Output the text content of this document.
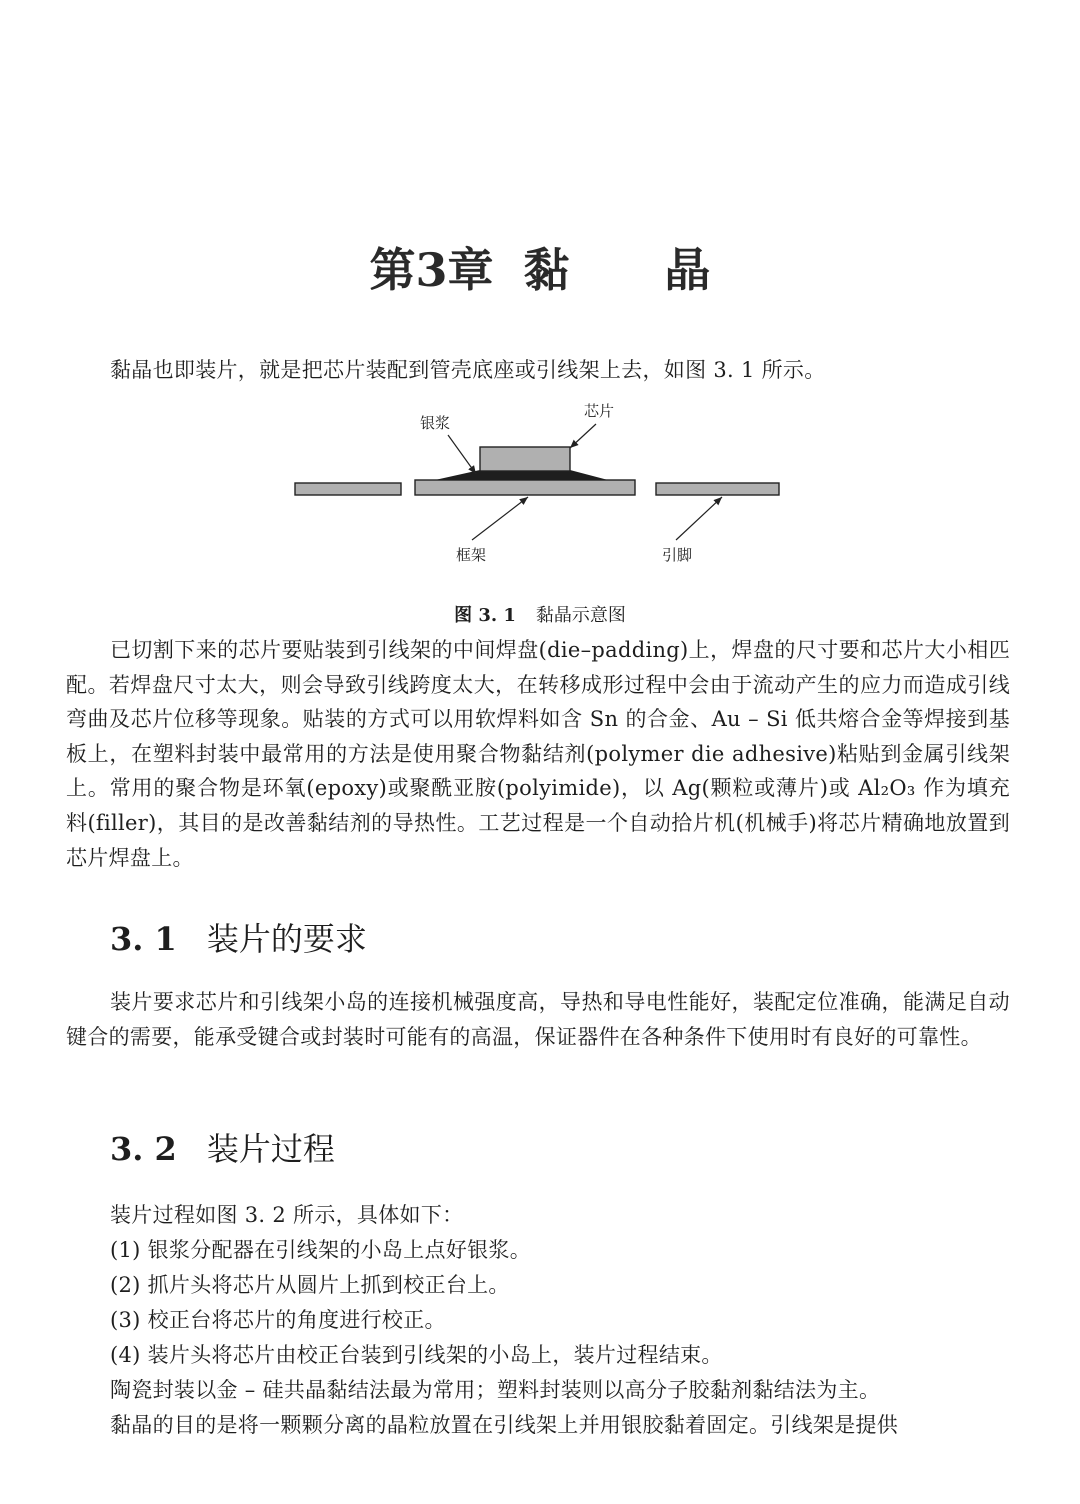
第3章 黏 晶

黏晶也即装片，就是把芯片装配到管壳底座或引线架上去，如图 3. 1 所示。

银浆
芯片
框架	引脚

图 3. 1 黏晶示意图

已切割下来的芯片要贴装到引线架的中间焊盘(die–padding)上，焊盘的尺寸要和芯片大小相匹配。若焊盘尺寸太大，则会导致引线跨度太大，在转移成形过程中会由于流动产生的应力而造成引线弯曲及芯片位移等现象。贴装的方式可以用软焊料如含 Sn 的合金、Au – Si 低共熔合金等焊接到基板上，在塑料封装中最常用的方法是使用聚合物黏结剂(polymer die adhesive)粘贴到金属引线架上。常用的聚合物是环氧(epoxy)或聚酰亚胺(polyimide)，以 Ag(颗粒或薄片)或 Al₂O₃ 作为填充料(filler)，其目的是改善黏结剂的导热性。工艺过程是一个自动拾片机(机械手)将芯片精确地放置到芯片焊盘上。

3. 1 装片的要求

装片要求芯片和引线架小岛的连接机械强度高，导热和导电性能好，装配定位准确，能满足自动键合的需要，能承受键合或封装时可能有的高温，保证器件在各种条件下使用时有良好的可靠性。

3. 2 装片过程

装片过程如图 3. 2 所示，具体如下：

(1) 银浆分配器在引线架的小岛上点好银浆。

(2) 抓片头将芯片从圆片上抓到校正台上。

(3) 校正台将芯片的角度进行校正。

(4) 装片头将芯片由校正台装到引线架的小岛上，装片过程结束。

陶瓷封装以金 – 硅共晶黏结法最为常用；塑料封装则以高分子胶黏剂黏结法为主。

黏晶的目的是将一颗颗分离的晶粒放置在引线架上并用银胶黏着固定。引线架是提供
